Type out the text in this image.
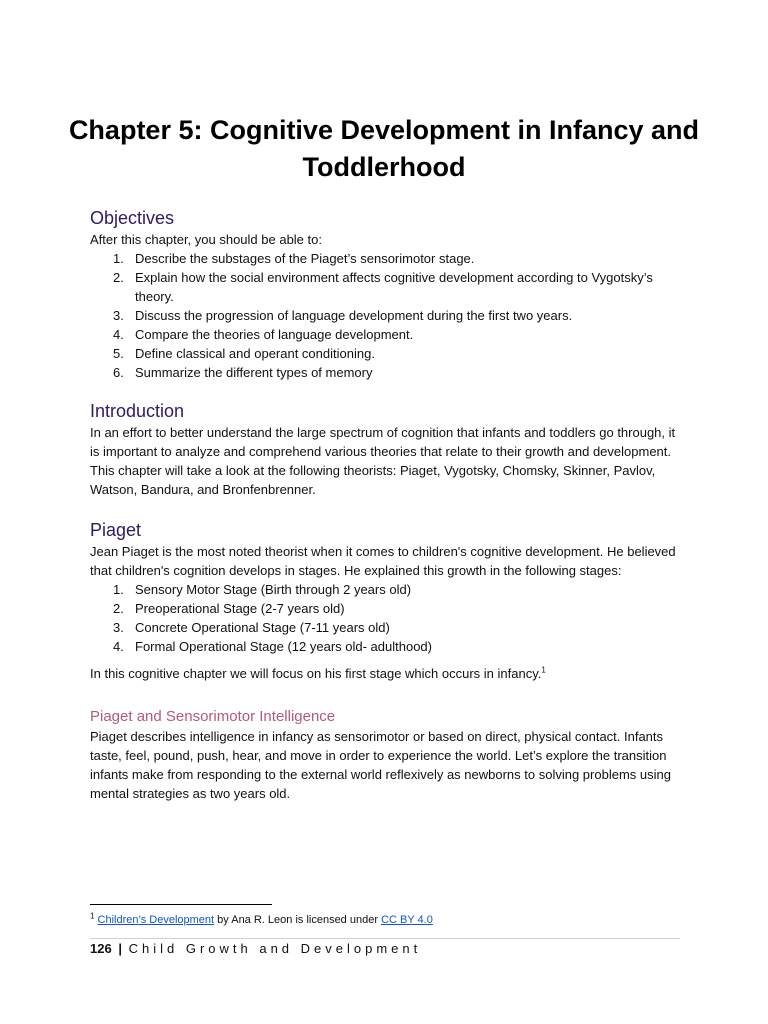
Chapter 5: Cognitive Development in Infancy and Toddlerhood
Objectives

After this chapter, you should be able to:

1. Describe the substages of the Piaget’s sensorimotor stage.
2. Explain how the social environment affects cognitive development according to Vygotsky’s theory.
3. Discuss the progression of language development during the first two years.
4. Compare the theories of language development.
5. Define classical and operant conditioning.
6. Summarize the different types of memory
Introduction

In an effort to better understand the large spectrum of cognition that infants and toddlers go through, it is important to analyze and comprehend various theories that relate to their growth and development. This chapter will take a look at the following theorists: Piaget, Vygotsky, Chomsky, Skinner, Pavlov, Watson, Bandura, and Bronfenbrenner.

Piaget

Jean Piaget is the most noted theorist when it comes to children's cognitive development. He believed that children's cognition develops in stages. He explained this growth in the following stages:

1. Sensory Motor Stage (Birth through 2 years old)
2. Preoperational Stage (2-7 years old)
3. Concrete Operational Stage (7-11 years old)
4. Formal Operational Stage (12 years old- adulthood)

In this cognitive chapter we will focus on his first stage which occurs in infancy.$^1$

Piaget and Sensorimotor Intelligence

Piaget describes intelligence in infancy as sensorimotor or based on direct, physical contact. Infants taste, feel, pound, push, hear, and move in order to experience the world. Let’s explore the transition infants make from responding to the external world reflexively as newborns to solving problems using mental strategies as two years old.

$^1$ Children’s Development by Ana R. Leon is licensed under CC BY 4.0
126 | Child Growth and Development
